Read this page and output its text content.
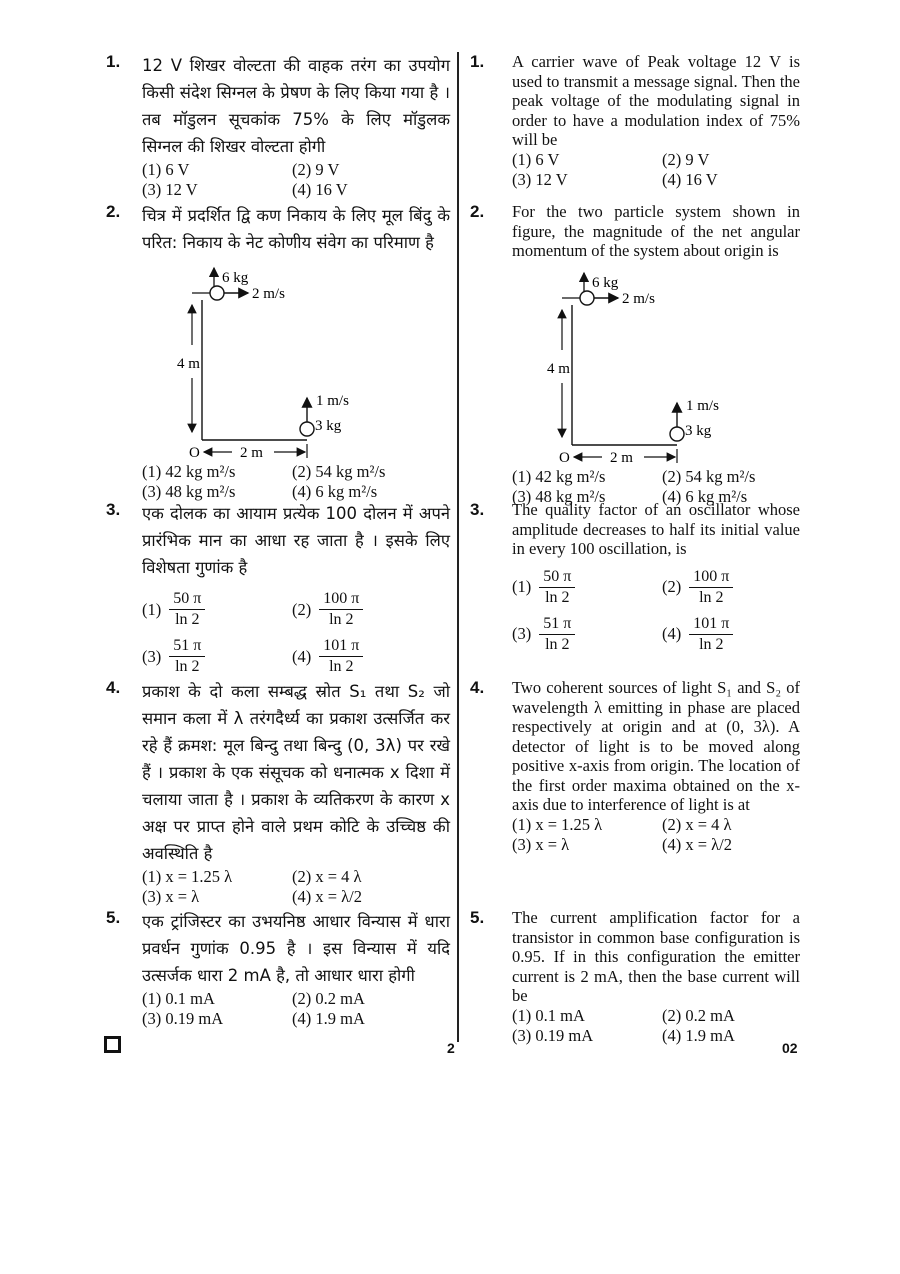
1. 12 V शिखर वोल्टता की वाहक तरंग का उपयोग किसी संदेश सिग्नल के प्रेषण के लिए किया गया है । तब मॉडुलन सूचकांक 75% के लिए मॉडुलक सिग्नल की शिखर वोल्टता होगी
(1) 6 V	(2) 9 V
(3) 12 V	(4) 16 V
2. चित्र में प्रदर्शित द्वि कण निकाय के लिए मूल बिंदु के परित: निकाय के नेट कोणीय संवेग का परिमाण है
6 kg
2 m/s
4 m
1 m/s
3 kg
O	2 m
(1) 42 kg m²/s	(2) 54 kg m²/s
(3) 48 kg m²/s	(4) 6 kg m²/s
3. एक दोलक का आयाम प्रत्येक 100 दोलन में अपने प्रारंभिक मान का आधा रह जाता है । इसके लिए विशेषता गुणांक है
$(1) \frac{50 \pi}{\ln 2}$	$(2) \frac{100 \pi}{\ln 2}$
$(3) \frac{51 \pi}{\ln 2}$	$(4) \frac{101 \pi}{\ln 2}$
4. प्रकाश के दो कला सम्बद्ध स्रोत S₁ तथा S₂ जो समान कला में λ तरंगदैर्ध्य का प्रकाश उत्सर्जित कर रहे हैं क्रमश: मूल बिन्दु तथा बिन्दु (0, 3λ) पर रखे हैं । प्रकाश के एक संसूचक को धनात्मक x दिशा में चलाया जाता है । प्रकाश के व्यतिकरण के कारण x अक्ष पर प्राप्त होने वाले प्रथम कोटि के उच्चिष्ठ की अवस्थिति है
(1) x = 1.25 λ	(2) x = 4 λ
(3) x = λ	(4) x = λ/2
5. एक ट्रांजिस्टर का उभयनिष्ठ आधार विन्यास में धारा प्रवर्धन गुणांक 0.95 है । इस विन्यास में यदि उत्सर्जक धारा 2 mA है, तो आधार धारा होगी
(1) 0.1 mA	(2) 0.2 mA
(3) 0.19 mA	(4) 1.9 mA
1. A carrier wave of Peak voltage 12 V is used to transmit a message signal. Then the peak voltage of the modulating signal in order to have a modulation index of 75% will be
(1) 6 V	(2) 9 V
(3) 12 V	(4) 16 V
2. For the two particle system shown in figure, the magnitude of the net angular momentum of the system about origin is
6 kg
2 m/s
4 m
1 m/s
3 kg
O	2 m
(1) 42 kg m²/s	(2) 54 kg m²/s
(3) 48 kg m²/s	(4) 6 kg m²/s
3. The quality factor of an oscillator whose amplitude decreases to half its initial value in every 100 oscillation, is
$(1) \frac{50 \pi}{\ln 2}$	$(2) \frac{100 \pi}{\ln 2}$
$(3) \frac{51 \pi}{\ln 2}$	$(4) \frac{101 \pi}{\ln 2}$
4. Two coherent sources of light S₁ and S₂ of wavelength λ emitting in phase are placed respectively at origin and at (0, 3λ). A detector of light is to be moved along positive x-axis from origin. The location of the first order maxima obtained on the x-axis due to interference of light is at
(1) x = 1.25 λ	(2) x = 4 λ
(3) x = λ	(4) x = λ/2
5. The current amplification factor for a transistor in common base configuration is 0.95. If in this configuration the emitter current is 2 mA, then the base current will be
(1) 0.1 mA	(2) 0.2 mA
(3) 0.19 mA	(4) 1.9 mA
2	02
